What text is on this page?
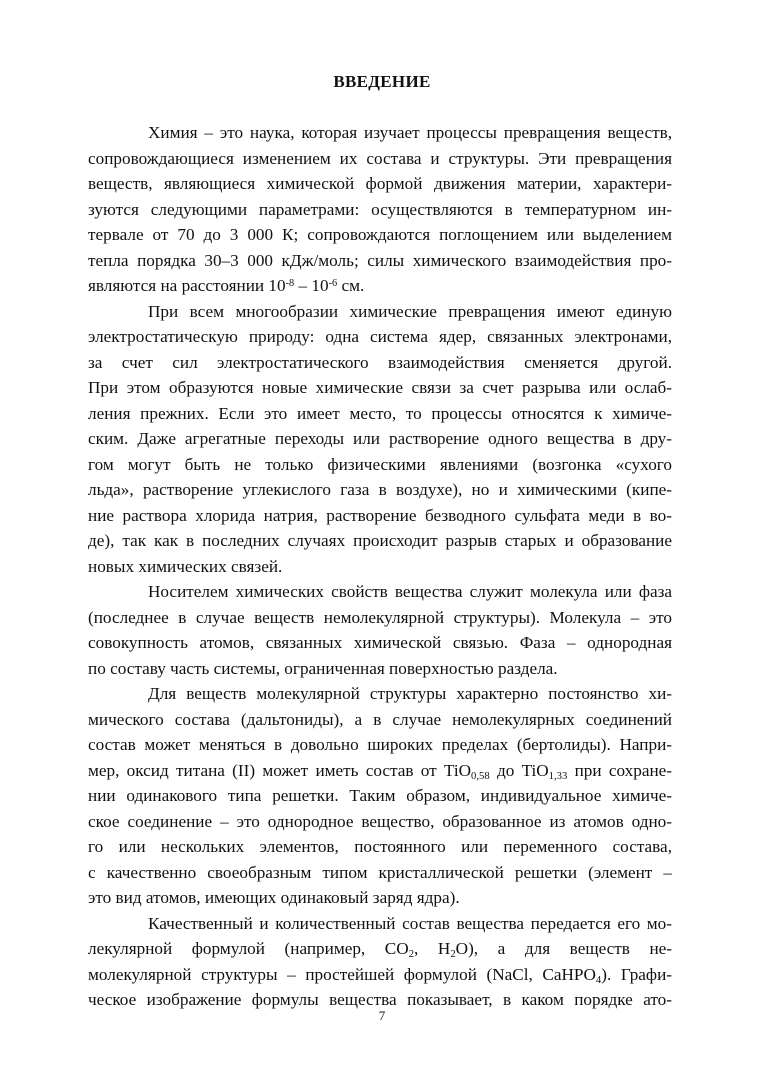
ВВЕДЕНИЕ
Химия – это наука, которая изучает процессы превращения веществ,
сопровождающиеся изменением их состава и структуры. Эти превращения
веществ, являющиеся химической формой движения материи, характери-
зуются следующими параметрами: осуществляются в температурном ин-
тервале от 70 до 3 000 К; сопровождаются поглощением или выделением
тепла порядка 30–3 000 кДж/моль; силы химического взаимодействия про-
являются на расстоянии $10^{-8} - 10^{-6}$ см.
При всем многообразии химические превращения имеют единую
электростатическую природу: одна система ядер, связанных электронами,
за счет сил электростатического взаимодействия сменяется другой.
При этом образуются новые химические связи за счет разрыва или ослаб-
ления прежних. Если это имеет место, то процессы относятся к химиче-
ским. Даже агрегатные переходы или растворение одного вещества в дру-
гом могут быть не только физическими явлениями (возгонка «сухого
льда», растворение углекислого газа в воздухе), но и химическими (кипе-
ние раствора хлорида натрия, растворение безводного сульфата меди в во-
де), так как в последних случаях происходит разрыв старых и образование
новых химических связей.
Носителем химических свойств вещества служит молекула или фаза
(последнее в случае веществ немолекулярной структуры). Молекула – это
совокупность атомов, связанных химической связью. Фаза – однородная
по составу часть системы, ограниченная поверхностью раздела.
Для веществ молекулярной структуры характерно постоянство хи-
мического состава (дальтониды), а в случае немолекулярных соединений
состав может меняться в довольно широких пределах (бертолиды). Напри-
мер, оксид титана (II) может иметь состав от TiO$_{0,58}$ до TiO$_{1,33}$ при сохране-
нии одинакового типа решетки. Таким образом, индивидуальное химиче-
ское соединение – это однородное вещество, образованное из атомов одно-
го или нескольких элементов, постоянного или переменного состава,
с качественно своеобразным типом кристаллической решетки (элемент –
это вид атомов, имеющих одинаковый заряд ядра).
Качественный и количественный состав вещества передается его мо-
лекулярной формулой (например, $CO_2$, $H_2O$), а для веществ не-
молекулярной структуры – простейшей формулой (NaCl, CaHPO$_4$). Графи-
ческое изображение формулы вещества показывает, в каком порядке ато-
7
